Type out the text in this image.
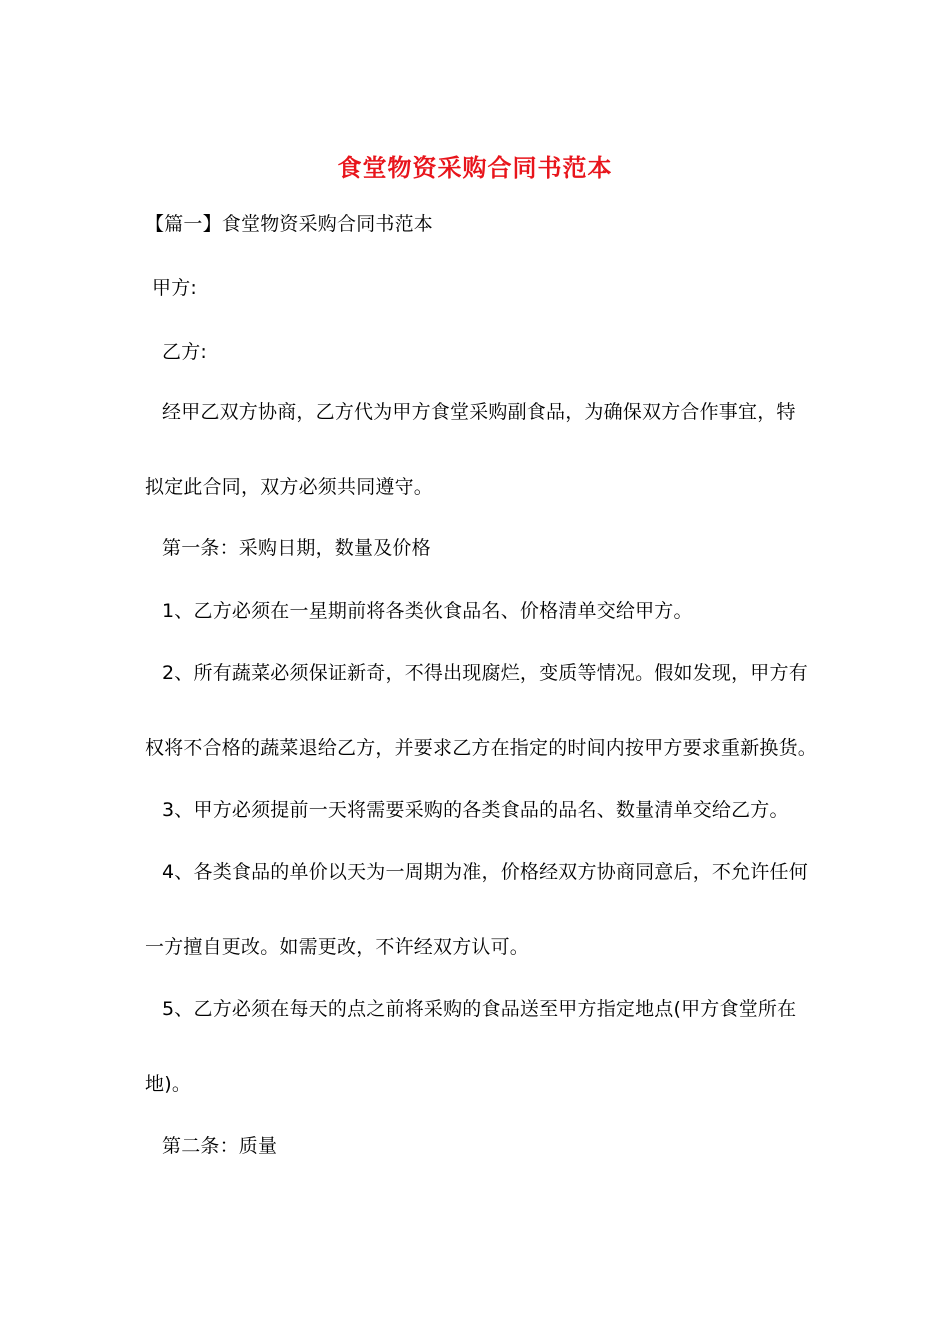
食堂物资采购合同书范本
【篇一】食堂物资采购合同书范本
甲方:
乙方:
经甲乙双方协商，乙方代为甲方食堂采购副食品，为确保双方合作事宜，特
拟定此合同，双方必须共同遵守。
第一条：采购日期，数量及价格
1、乙方必须在一星期前将各类伙食品名、价格清单交给甲方。
2、所有蔬菜必须保证新奇，不得出现腐烂，变质等情况。假如发现，甲方有
权将不合格的蔬菜退给乙方，并要求乙方在指定的时间内按甲方要求重新换货。
3、甲方必须提前一天将需要采购的各类食品的品名、数量清单交给乙方。
4、各类食品的单价以天为一周期为准，价格经双方协商同意后，不允许任何
一方擅自更改。如需更改，不许经双方认可。
5、乙方必须在每天的点之前将采购的食品送至甲方指定地点(甲方食堂所在
地)。
第二条：质量
